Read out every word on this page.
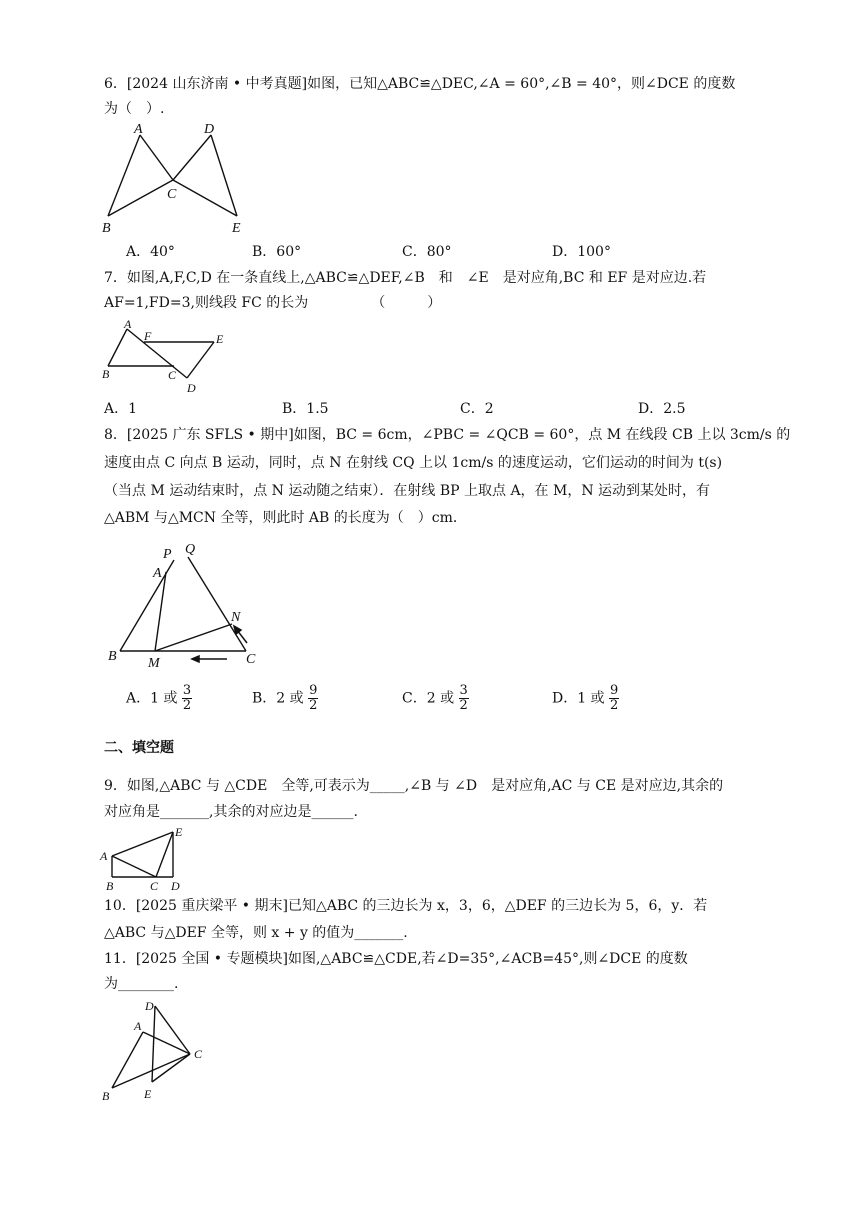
6．[2024 山东济南 • 中考真题]如图，已知△ABC≌△DEC,∠A = 60°,∠B = 40°，则∠DCE 的度数
为（　）.
A
B
C
D
E
A．40°	B．60°	C．80°	D．100°
7．如图,A,F,C,D 在一条直线上,△ABC≌△DEF,∠B　和　∠E　是对应角,BC 和 EF 是对应边.若
AF=1,FD=3,则线段 FC 的长为　　　　　（　　　）
A
F	E
B	C
D
A．1	B．1.5	C．2	D．2.5
8．[2025 广东 SFLS • 期中]如图，BC = 6cm，∠PBC = ∠QCB = 60°，点 M 在线段 CB 上以 3cm/s 的
速度由点 C 向点 B 运动，同时，点 N 在射线 CQ 上以 1cm/s 的速度运动，它们运动的时间为 t(s)
（当点 M 运动结束时，点 N 运动随之结束）．在射线 BP 上取点 A，在 M，N 运动到某处时，有
△ABM 与△MCN 全等，则此时 AB 的长度为（　）cm．
P Q
A
N
B M	C
A．1 或 $\frac{3}{2}$	B．2 或 $\frac{9}{2}$	C．2 或 $\frac{3}{2}$	D．1 或 $\frac{9}{2}$
二、填空题
9．如图,△ABC 与 △CDE　全等,可表示为_____,∠B 与 ∠D　是对应角,AC 与 CE 是对应边,其余的
对应角是_______,其余的对应边是______.
E
A
B	C D
10．[2025 重庆梁平 • 期末]已知△ABC 的三边长为 x，3，6，△DEF 的三边长为 5，6，y．若
△ABC 与△DEF 全等，则 x + y 的值为_______.
11．[2025 全国 • 专题模块]如图,△ABC≌△CDE,若∠D=35°,∠ACB=45°,则∠DCE 的度数
为________.
D
A
C
B	E
